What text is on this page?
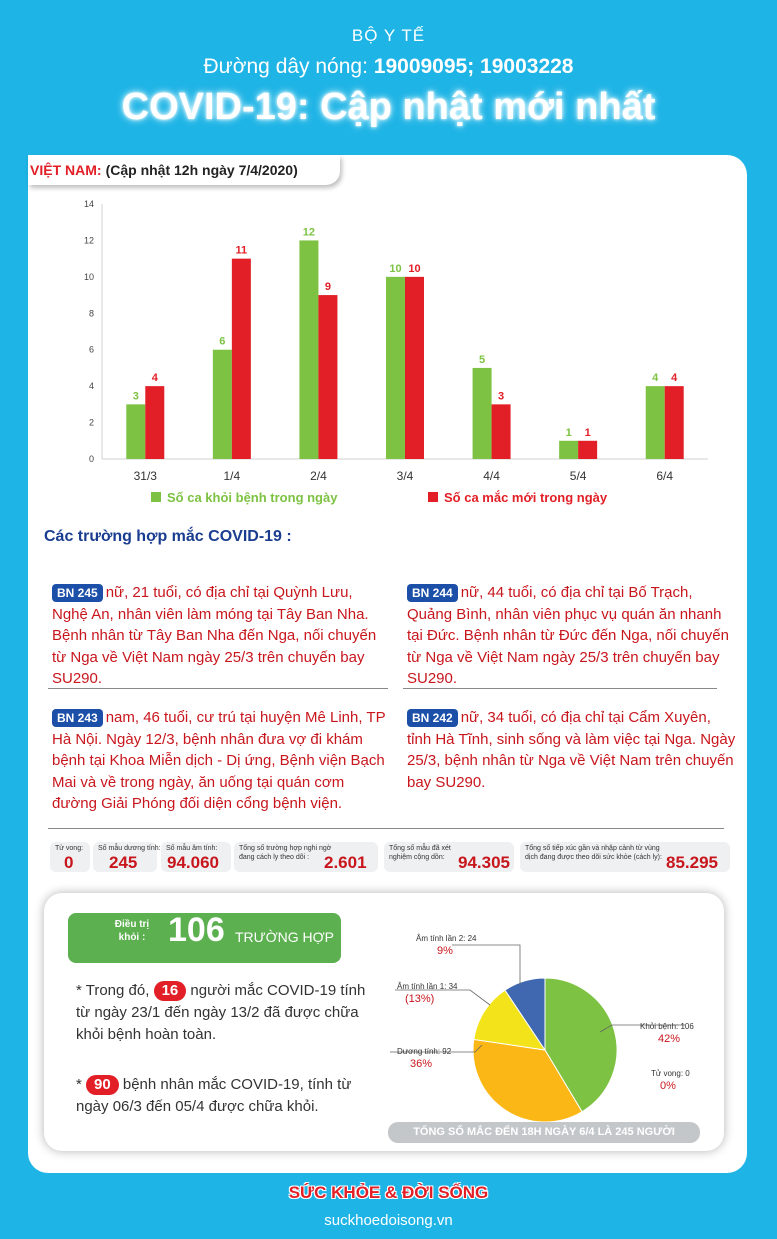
BỘ Y TẾ
Đường dây nóng: 19009095; 19003228
COVID-19: Cập nhật mới nhất
VIỆT NAM: (Cập nhật 12h ngày 7/4/2020)
3
4
6
11
12
9
10 10
5
3
1 1
4 4
0
2
4
6
8
10
12
14
31/3	1/4	2/4	3/4	4/4	5/4	6/4
Số ca khỏi bệnh trong ngày	Số ca mắc mới trong ngày
Các trường hợp mắc COVID-19 :
BN 245 nữ, 21 tuổi, có địa chỉ tại Quỳnh Lưu, Nghệ An, nhân viên làm móng tại Tây Ban Nha. Bệnh nhân từ Tây Ban Nha đến Nga, nối chuyến từ Nga về Việt Nam ngày 25/3 trên chuyến bay SU290.
BN 244 nữ, 44 tuổi, có địa chỉ tại Bố Trạch, Quảng Bình, nhân viên phục vụ quán ăn nhanh tại Đức. Bệnh nhân từ Đức đến Nga, nối chuyến từ Nga về Việt Nam ngày 25/3 trên chuyến bay SU290.
BN 243 nam, 46 tuổi, cư trú tại huyện Mê Linh, TP Hà Nội. Ngày 12/3, bệnh nhân đưa vợ đi khám bệnh tại Khoa Miễn dịch - Dị ứng, Bệnh viện Bạch Mai và về trong ngày, ăn uống tại quán cơm đường Giải Phóng đối diện cổng bệnh viện.
BN 242 nữ, 34 tuổi, có địa chỉ tại Cẩm Xuyên, tỉnh Hà Tĩnh, sinh sống và làm việc tại Nga. Ngày 25/3, bệnh nhân từ Nga về Việt Nam trên chuyến bay SU290.
Tử vong:
0
Số mẫu dương tính:
245
Số mẫu âm tính:
94.060
Tổng số trường hợp nghi ngờ đang cách ly theo dõi : 2.601
Tổng số mẫu đã xét nghiệm cộng dồn: 94.305
Tổng số tiếp xúc gần và nhập cảnh từ vùng dịch đang được theo dõi sức khỏe (cách ly): 85.295
Điều trị khỏi : 106 TRƯỜNG HỢP
* Trong đó, 16 người mắc COVID-19 tính từ ngày 23/1 đến ngày 13/2 đã được chữa khỏi bệnh hoàn toàn.
* 90 bệnh nhân mắc COVID-19, tính từ ngày 06/3 đến 05/4 được chữa khỏi.
Âm tính lần 2: 24
9%
Âm tính lần 1: 34
(13%)
Dương tính: 92
36%
Khỏi bệnh: 106
42%
Tử vong: 0
0%
TỔNG SỐ MẮC ĐẾN 18H NGÀY 6/4 LÀ 245 NGƯỜI
SỨC KHỎE & ĐỜI SỐNG
suckhoedoisong.vn
